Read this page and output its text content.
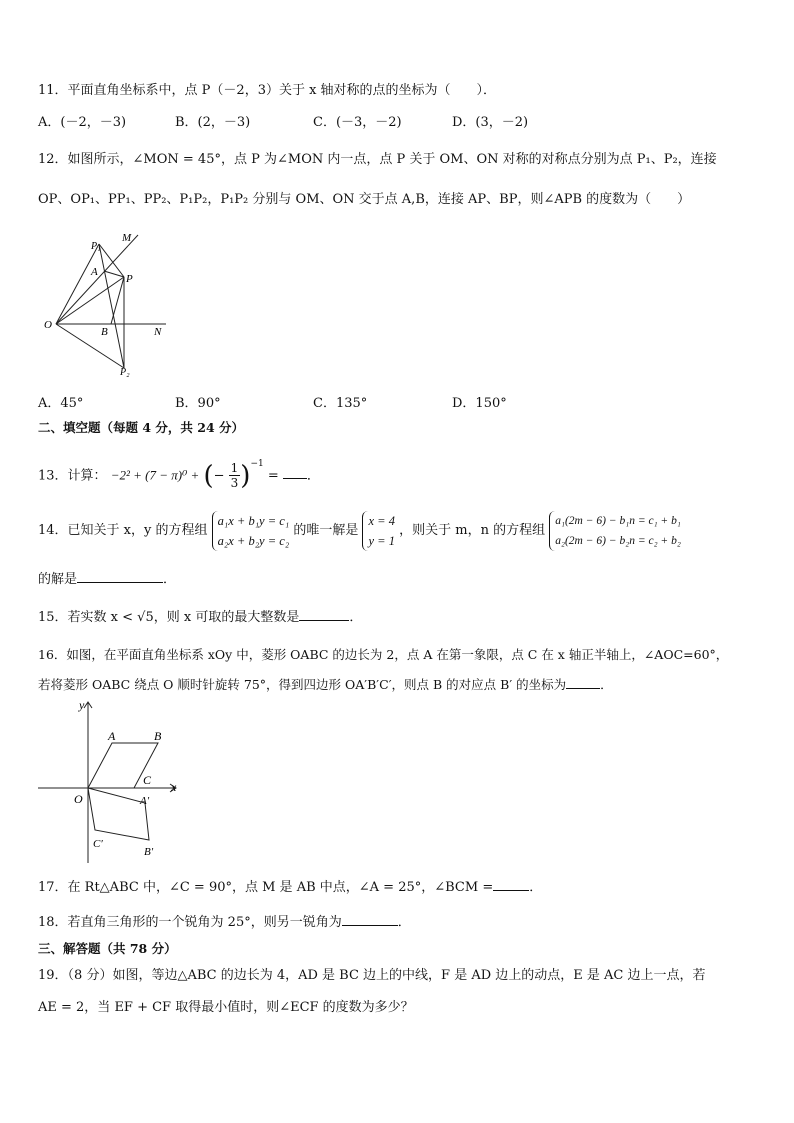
11．平面直角坐标系中，点 P（－2，3）关于 x 轴对称的点的坐标为（　　）．
A．(－2，－3)	B．(2，－3)	C．(－3，－2)	D．(3，－2)
12．如图所示，∠MON = 45°，点 P 为∠MON 内一点，点 P 关于 OM、ON 对称的对称点分别为点 P₁、P₂，连接
OP、OP₁、PP₁、PP₂、P₁P₂，P₁P₂ 分别与 OM、ON 交于点 A,B，连接 AP、BP，则∠APB 的度数为（　　）
P₁
M
A
P
O
B	N
P₂
A．45°	B．90°	C．135°	D．150°
二、填空题（每题 4 分，共 24 分）
13．计算： −2² + (7 − π)⁰ + (− $\frac{1}{3})^{-1}$ = ．
14．已知关于 x，y 的方程组
a₁x + b₁y = c₁
a₂x + b₂y = c₂
的唯一解是
x = 4
y = 1
，则关于 m，n 的方程组
a₁(2m − 6) − b₁n = c₁ + b₁
a₂(2m − 6) − b₂n = c₂ + b₂
的解是	．
15．若实数 x < √5，则 x 可取的最大整数是	．
16．如图，在平面直角坐标系 xOy 中，菱形 OABC 的边长为 2，点 A 在第一象限，点 C 在 x 轴正半轴上，∠AOC=60°，
若将菱形 OABC 绕点 O 顺时针旋转 75°，得到四边形 OA′B′C′，则点 B 的对应点 B′ 的坐标为	．
y
x
O
A	B
C
A′
B′
C′
17．在 Rt△ABC 中，∠C = 90°，点 M 是 AB 中点，∠A = 25°，∠BCM =	．
18．若直角三角形的一个锐角为 25°，则另一锐角为	．
三、解答题（共 78 分）
19．（8 分）如图，等边△ABC 的边长为 4，AD 是 BC 边上的中线，F 是 AD 边上的动点，E 是 AC 边上一点，若
AE = 2，当 EF + CF 取得最小值时，则∠ECF 的度数为多少？
